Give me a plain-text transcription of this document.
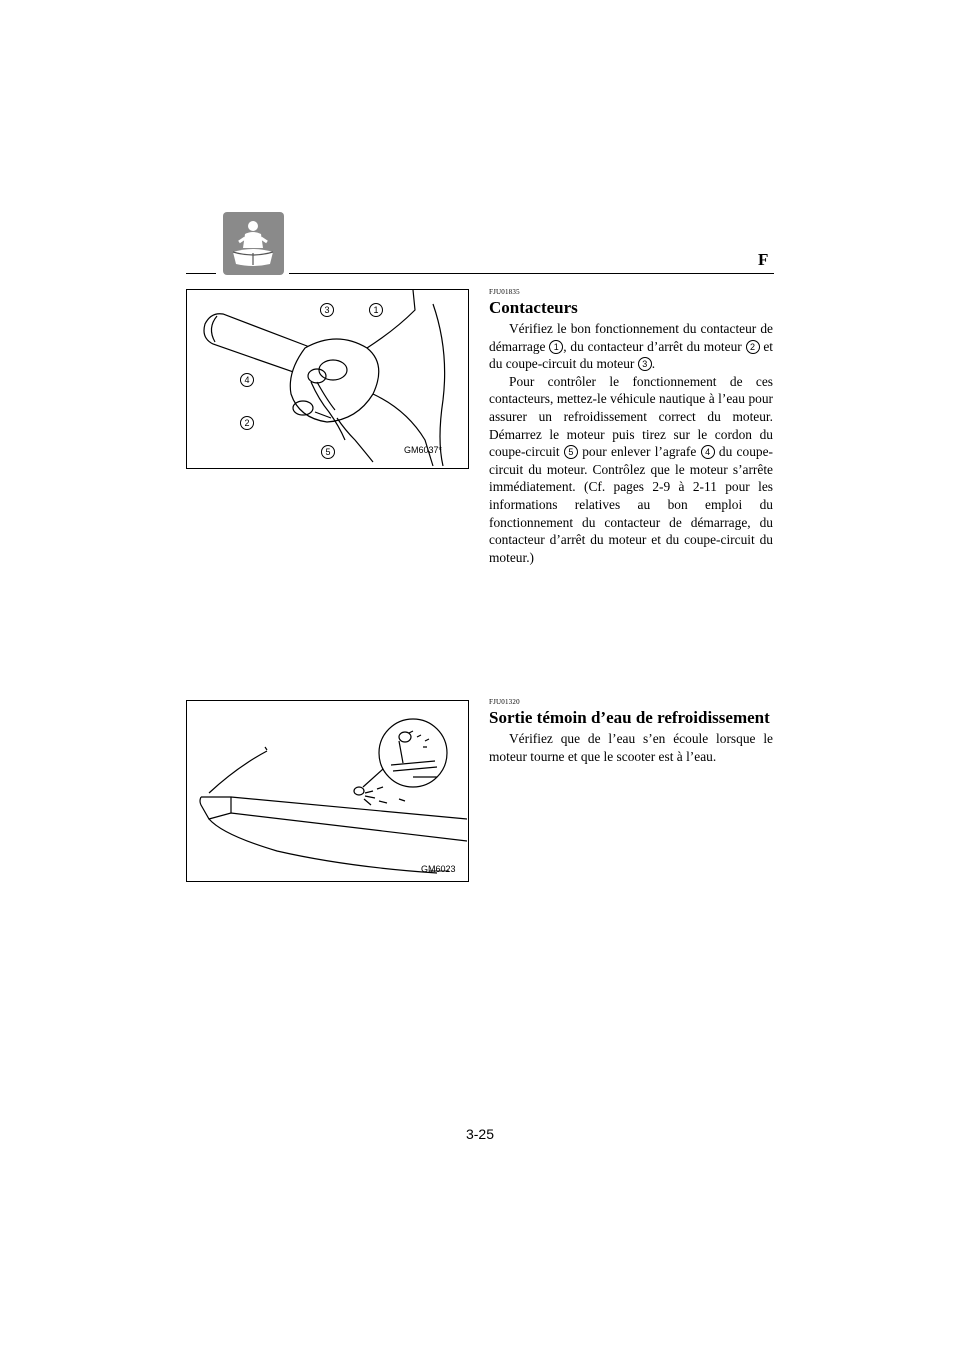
F
3	1
4
2
5	GM6037*
FJU01835
Contacteurs

Vérifiez le bon fonctionnement du contacteur de démarrage 1 , du contacteur d’arrêt du moteur 2 et du coupe-circuit du moteur 3 .

Pour contrôler le fonctionnement de ces contacteurs, mettez-le véhicule nautique à l’eau pour assurer un refroidissement correct du moteur. Démarrez le moteur puis tirez sur le cordon du coupe-circuit 5 pour enlever l’agrafe 4 du coupe-circuit du moteur. Contrôlez que le moteur s’arrête immédiatement. (Cf. pages 2-9 à 2-11 pour les informations relatives au bon emploi du fonctionnement du contacteur de démarrage, du contacteur d’arrêt du moteur et du coupe-circuit du moteur.)

GM6023
FJU01320
Sortie témoin d’eau de refroidissement

Vérifiez que de l’eau s’en écoule lorsque le moteur tourne et que le scooter est à l’eau.

3-25
